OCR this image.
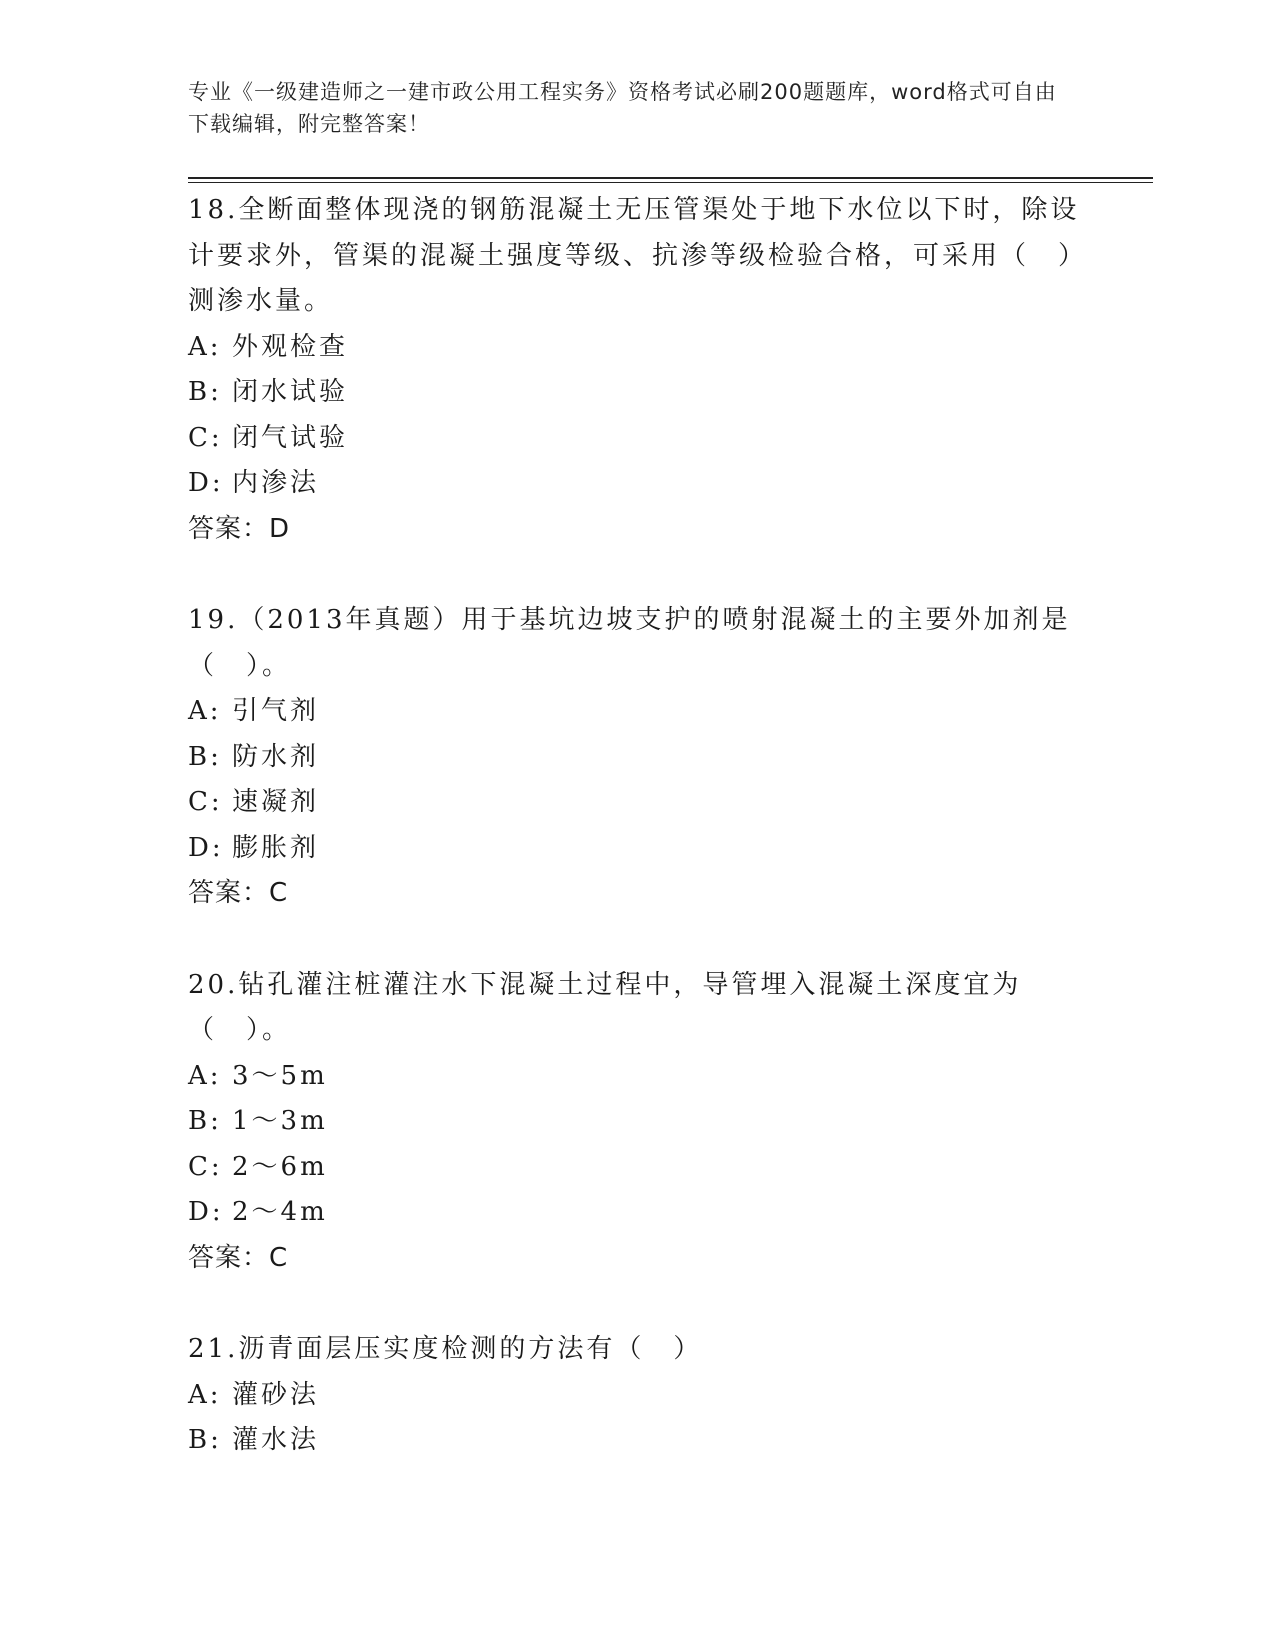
专业《一级建造师之一建市政公用工程实务》资格考试必刷200题题库，word格式可自由下载编辑，附完整答案！
18.全断面整体现浇的钢筋混凝土无压管渠处于地下水位以下时，除设计要求外，管渠的混凝土强度等级、抗渗等级检验合格，可采用（　）测渗水量。
A: 外观检查
B: 闭水试验
C: 闭气试验
D: 内渗法
答案：D
19.（2013年真题）用于基坑边坡支护的喷射混凝土的主要外加剂是（　）。
A: 引气剂
B: 防水剂
C: 速凝剂
D: 膨胀剂
答案：C
20.钻孔灌注桩灌注水下混凝土过程中，导管埋入混凝土深度宜为（　）。
A: 3～5m
B: 1～3m
C: 2～6m
D: 2～4m
答案：C
21.沥青面层压实度检测的方法有（　）
A: 灌砂法
B: 灌水法
